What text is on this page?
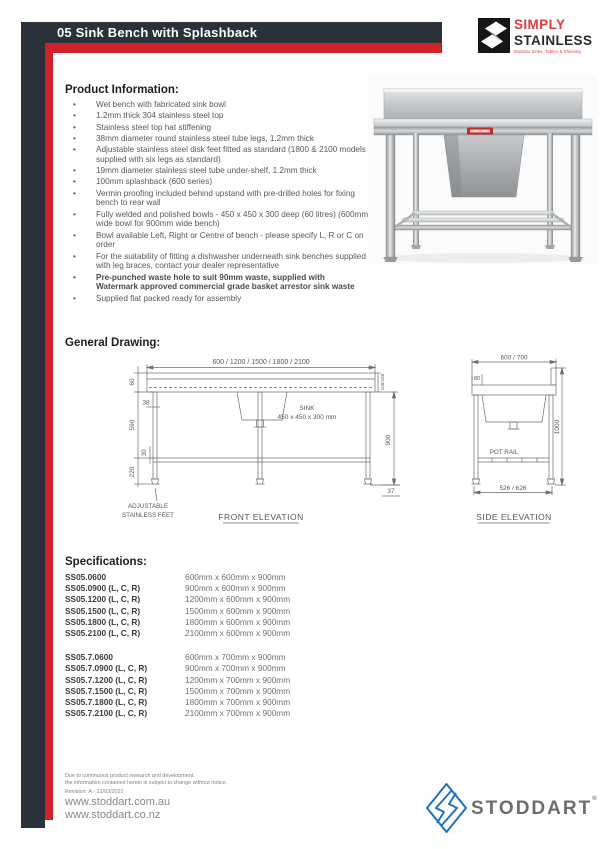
05 Sink Bench with Splashback
SIMPLY
STAINLESS
Modular Sinks, Tables & Shelving
Product Information:
• Wet bench with fabricated sink bowl
• 1.2mm thick 304 stainless steel top
• Stainless steel top hat stiffening
• 38mm diameter round stainless steel tube legs, 1.2mm thick
• Adjustable stainless steel disk feet fitted as standard (1800 & 2100 models supplied with six legs as standard)
• 19mm diameter stainless steel tube under-shelf, 1.2mm thick
• 100mm splashback (600 series)
• Vermin proofing included behind upstand with pre-drilled holes for fixing bench to rear wall
• Fully welded and polished bowls - 450 x 450 x 300 deep (60 litres) (600mm wide bowl for 900mm wide bench)
• Bowl available Left, Right or Centre of bench - please specify L, R or C on order
• For the suitability of fitting a dishwasher underneath sink benches supplied with leg braces, contact your dealer representative
• Pre-punched waste hole to suit 90mm waste, supplied with Watermark approved commercial grade basket arrestor sink waste
• Supplied flat packed ready for assembly
General Drawing:
600 / 1200 / 1500 / 1800 / 2100
60
38
590
30
220
100/150
900
37
SINK
450 x 450 x 300 mm
ADJUSTABLE
STAINLESS FEET	FRONT ELEVATION
600 / 700
80
POT RAIL
526 / 626
1000
SIDE ELEVATION
Specifications:
SS05.0600	600mm x 600mm x 900mm
SS05.0900 (L, C, R)	900mm x 600mm x 900mm
SS05.1200 (L, C, R)	1200mm x 600mm x 900mm
SS05.1500 (L, C, R)	1500mm x 600mm x 900mm
SS05.1800 (L, C, R)	1800mm x 600mm x 900mm
SS05.2100 (L, C, R)	2100mm x 600mm x 900mm
SS05.7.0600	600mm x 700mm x 900mm
SS05.7.0900 (L, C, R)	900mm x 700mm x 900mm
SS05.7.1200 (L, C, R)	1200mm x 700mm x 900mm
SS05.7.1500 (L, C, R)	1500mm x 700mm x 900mm
SS05.7.1800 (L, C, R)	1800mm x 700mm x 900mm
SS05.7.2100 (L, C, R)	2100mm x 700mm x 900mm
Due to continuous product research and development,
the information contained herein is subject to change without notice.
Revision: A - 12/03/2021
www.stoddart.com.au
www.stoddart.co.nz	STODDART®
